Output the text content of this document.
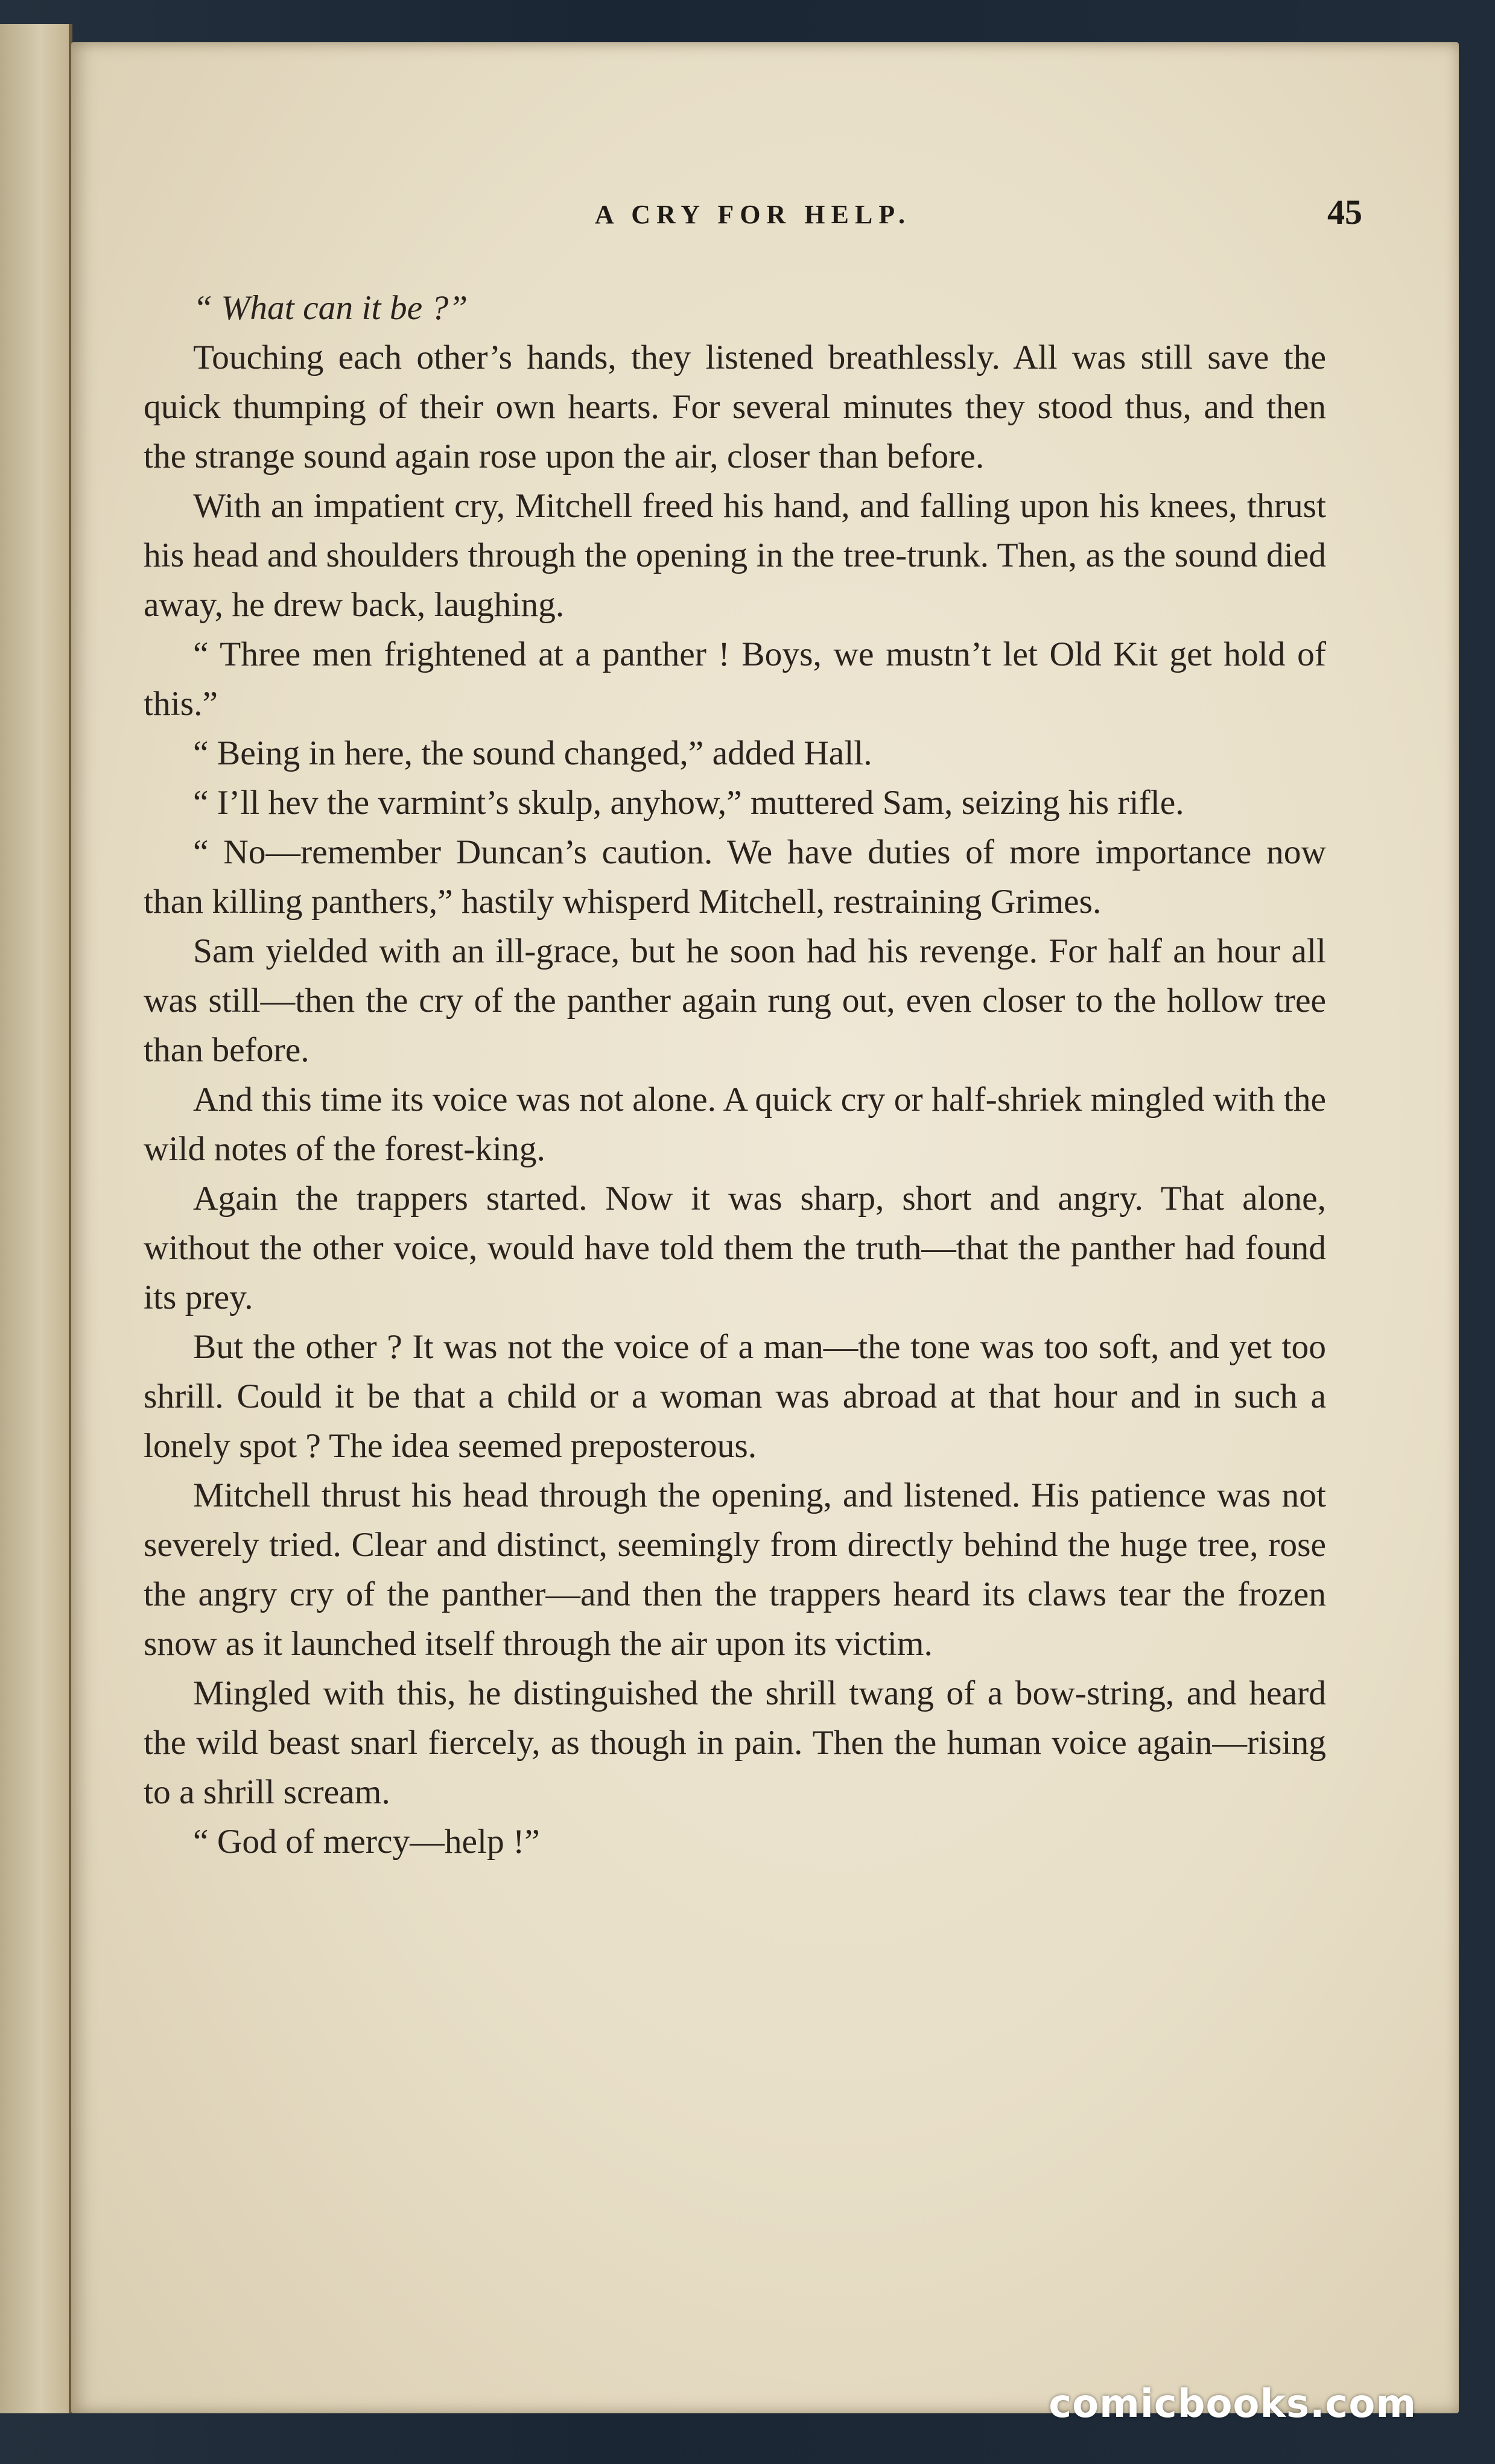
A CRY FOR HELP.	45

“ What can it be ?”

Touching each other’s hands, they listened breathlessly. All was still save the quick thumping of their own hearts. For several minutes they stood thus, and then the strange sound again rose upon the air, closer than before.

With an impatient cry, Mitchell freed his hand, and falling upon his knees, thrust his head and shoulders through the opening in the tree-trunk. Then, as the sound died away, he drew back, laughing.

“ Three men frightened at a panther ! Boys, we mustn’t let Old Kit get hold of this.”

“ Being in here, the sound changed,” added Hall.

“ I’ll hev the varmint’s skulp, anyhow,” muttered Sam, seizing his rifle.

“ No—remember Duncan’s caution. We have duties of more importance now than killing panthers,” hastily whisperd Mitchell, restraining Grimes.

Sam yielded with an ill-grace, but he soon had his revenge. For half an hour all was still—then the cry of the panther again rung out, even closer to the hollow tree than before.

And this time its voice was not alone. A quick cry or half-shriek mingled with the wild notes of the forest-king.

Again the trappers started. Now it was sharp, short and angry. That alone, without the other voice, would have told them the truth—that the panther had found its prey.

But the other ? It was not the voice of a man—the tone was too soft, and yet too shrill. Could it be that a child or a woman was abroad at that hour and in such a lonely spot ? The idea seemed preposterous.

Mitchell thrust his head through the opening, and listened. His patience was not severely tried. Clear and distinct, seemingly from directly behind the huge tree, rose the angry cry of the panther—and then the trappers heard its claws tear the frozen snow as it launched itself through the air upon its victim.

Mingled with this, he distinguished the shrill twang of a bow-string, and heard the wild beast snarl fiercely, as though in pain. Then the human voice again—rising to a shrill scream.

“ God of mercy—help !”

comicbooks.com
